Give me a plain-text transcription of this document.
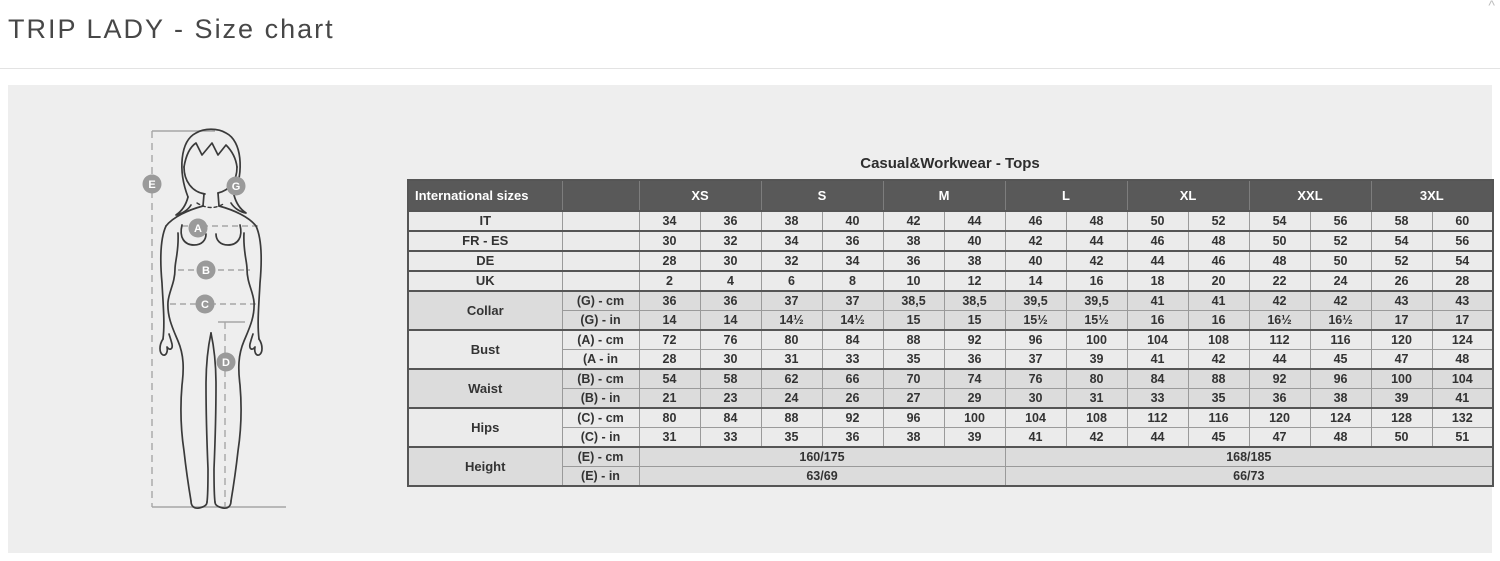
TRIP LADY - Size chart
^
E	G
A
B
C
D
Casual&Workwear - Tops
International sizes		XS		S		M		L		XL		XXL		3XL	
IT		34	36	38	40	42	44	46	48	50	52	54	56	58	60
FR - ES		30	32	34	36	38	40	42	44	46	48	50	52	54	56
DE		28	30	32	34	36	38	40	42	44	46	48	50	52	54
UK		2	4	6	8	10	12	14	16	18	20	22	24	26	28
Collar	(G) - cm	36	36	37	37	38,5	38,5	39,5	39,5	41	41	42	42	43	43
	(G) - in	14	14	14½	14½	15	15	15½	15½	16	16	16½	16½	17	17
Bust	(A) - cm	72	76	80	84	88	92	96	100	104	108	112	116	120	124
	(A - in	28	30	31	33	35	36	37	39	41	42	44	45	47	48
Waist	(B) - cm	54	58	62	66	70	74	76	80	84	88	92	96	100	104
	(B) - in	21	23	24	26	27	29	30	31	33	35	36	38	39	41
Hips	(C) - cm	80	84	88	92	96	100	104	108	112	116	120	124	128	132
	(C) - in	31	33	35	36	38	39	41	42	44	45	47	48	50	51
Height	(E) - cm	160/175						168/185							
	(E) - in	63/69						66/73							
